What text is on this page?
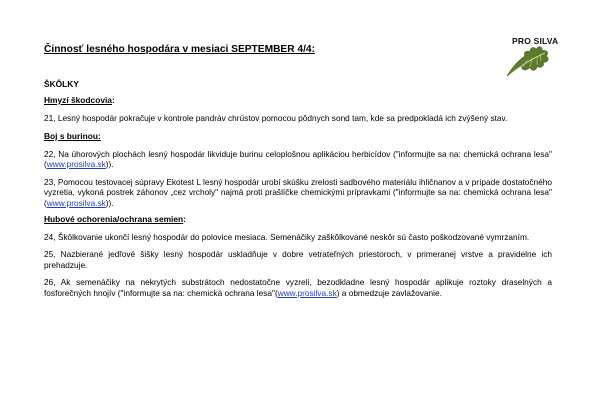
Činnosť lesného hospodára v mesiaci SEPTEMBER 4/4:
PRO SILVA
ŠKÔLKY
Hmyzí škodcovia:
21, Lesný hospodár pokračuje v kontrole pandráv chrústov pomocou pôdnych sond tam, kde sa predpokladá ich zvýšený stav.
Boj s burinou:
22, Na úhorových plochách lesný hospodár likviduje burinu celoplošnou aplikáciou herbicídov ("informujte sa na: chemická ochrana lesa"(www.prosilva.sk)).
23, Pomocou testovacej súpravy Ekotest L lesný hospodár urobí skúšku zrelosti sadbového materiálu ihličnanov a v prípade dostatočného vyzretia, vykoná postrek záhonov „cez vrcholy" najmä proti pras̆líčke chemickými prípravkami ("informujte sa na: chemická ochrana lesa"(www.prosilva.sk)).
Hubové ochorenia/ochrana semien:
24, Škôlkovanie ukončí lesný hospodár do polovice mesiaca. Semenáčiky zaškôlkované neskôr sú často poškodzované vymrzaním.
25, Nazbierané jedľové šišky lesný hospodár uskladňuje v dobre vetrateľných priestoroch, v primeranej vrstve a pravidelne ich prehadzuje.
26, Ak semenáčiky na nekrytých substrátoch nedostatočne vyzreli, bezodkladne lesný hospodár aplikuje roztoky draselných a fosforečných hnojív ("informujte sa na: chemická ochrana lesa"(www.prosilva.sk) a obmedzuje zavlažovanie.
